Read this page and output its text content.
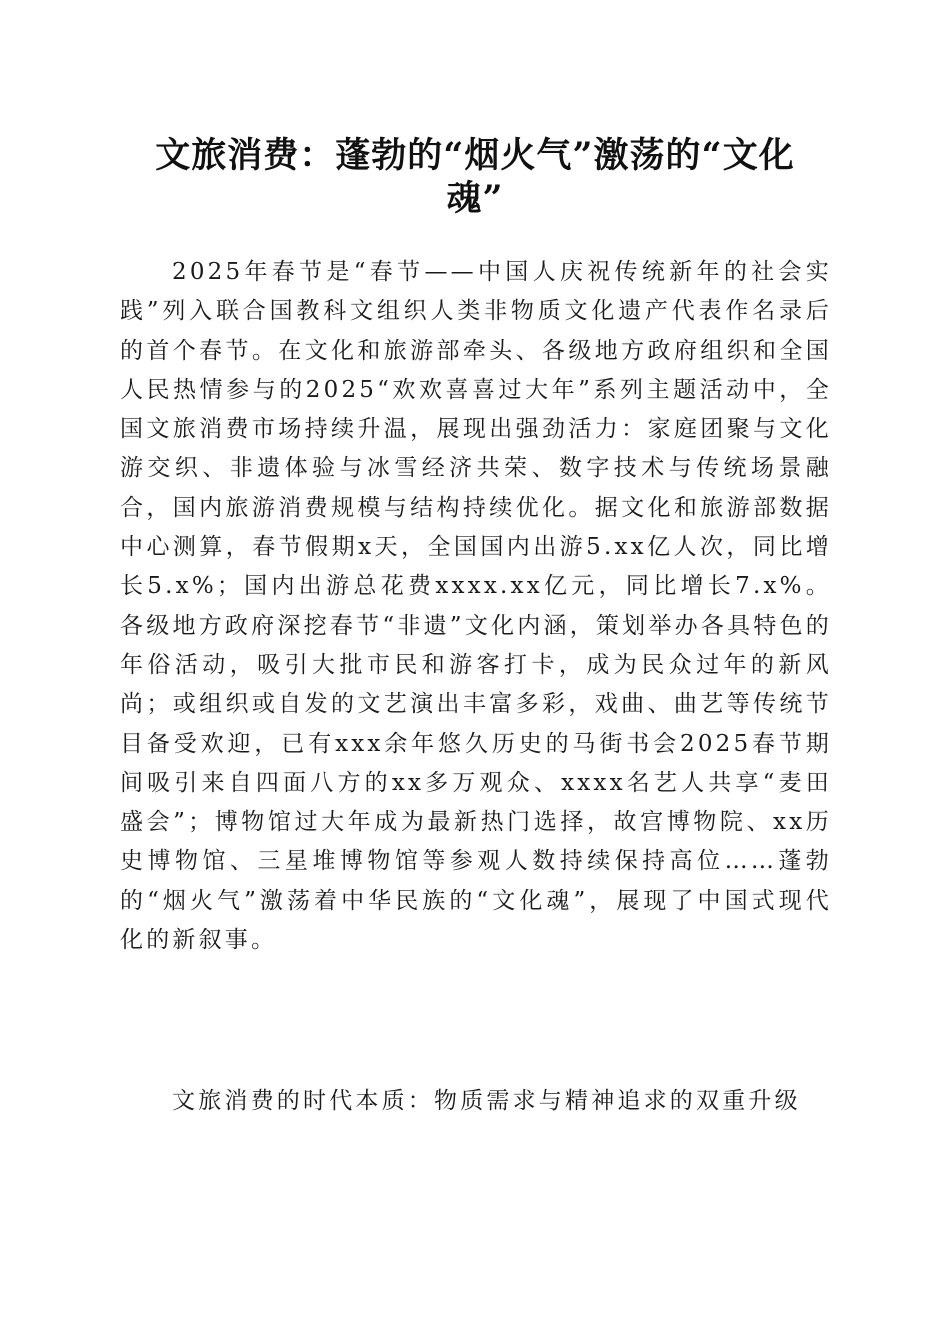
文旅消费：蓬勃的“烟火气”激荡的“文化魂”

2025年春节是“春节——中国人庆祝传统新年的社会实践”列入联合国教科文组织人类非物质文化遗产代表作名录后的首个春节。在文化和旅游部牵头、各级地方政府组织和全国人民热情参与的2025“欢欢喜喜过大年”系列主题活动中，全国文旅消费市场持续升温，展现出强劲活力：家庭团聚与文化游交织、非遗体验与冰雪经济共荣、数字技术与传统场景融合，国内旅游消费规模与结构持续优化。据文化和旅游部数据中心测算，春节假期x天，全国国内出游5.xx亿人次，同比增长5.x%；国内出游总花费xxxx.xx亿元，同比增长7.x%。各级地方政府深挖春节“非遗”文化内涵，策划举办各具特色的年俗活动，吸引大批市民和游客打卡，成为民众过年的新风尚；或组织或自发的文艺演出丰富多彩，戏曲、曲艺等传统节目备受欢迎，已有xxx余年悠久历史的马街书会2025春节期间吸引来自四面八方的xx多万观众、xxxx名艺人共享“麦田盛会”；博物馆过大年成为最新热门选择，故宫博物院、xx历史博物馆、三星堆博物馆等参观人数持续保持高位……蓬勃的“烟火气”激荡着中华民族的“文化魂”，展现了中国式现代化的新叙事。

文旅消费的时代本质：物质需求与精神追求的双重升级
